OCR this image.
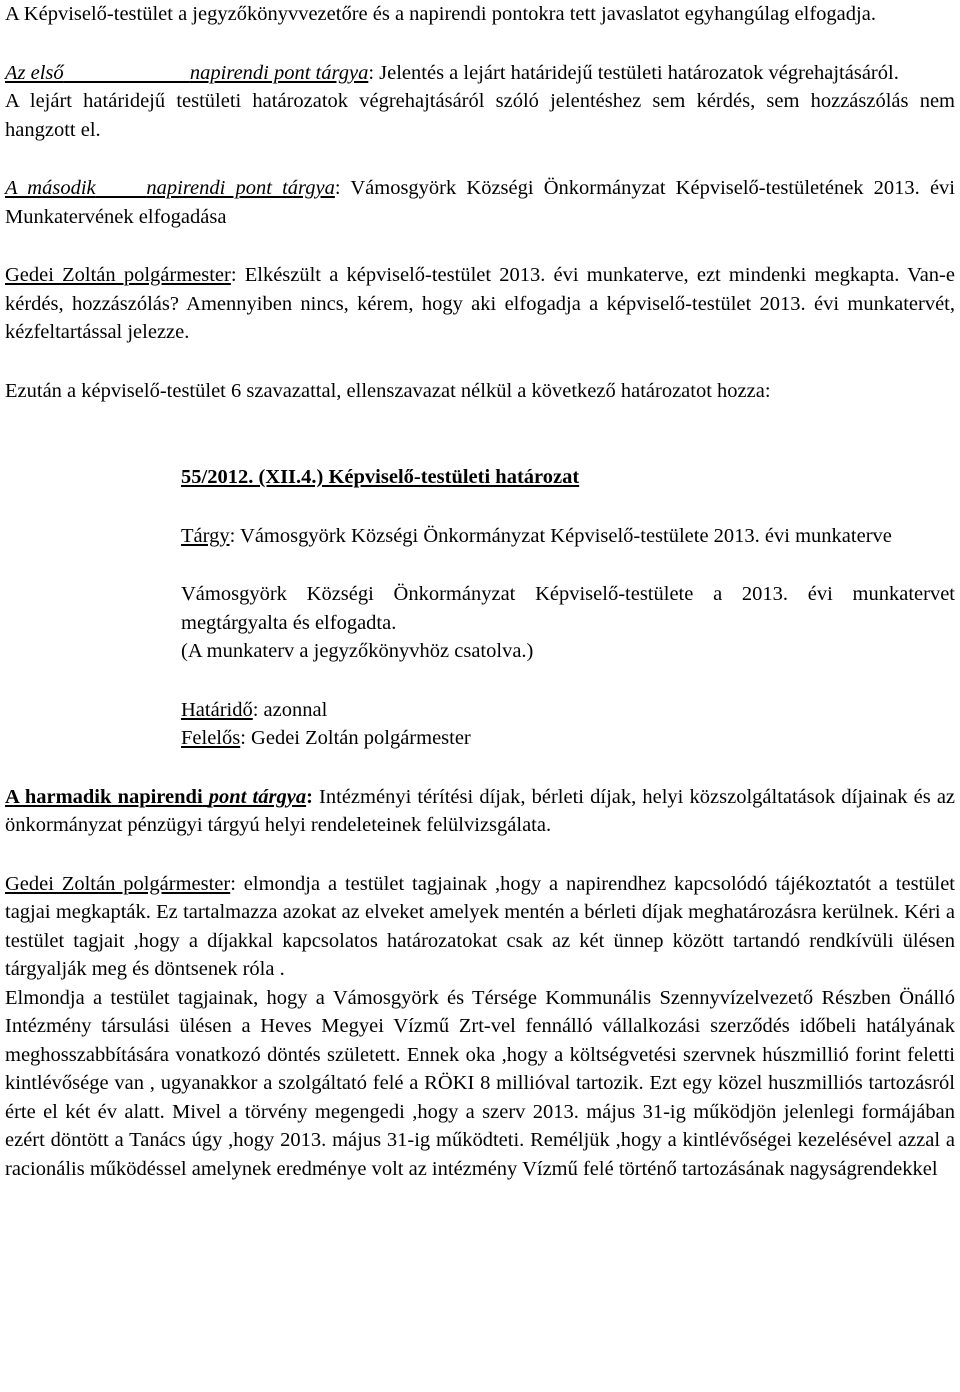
A Képviselő-testület a jegyzőkönyvvezetőre és a napirendi pontokra tett javaslatot egyhangúlag elfogadja.

Az első	napirendi pont tárgya: Jelentés a lejárt határidejű testületi határozatok végrehajtásáról.

A lejárt határidejű testületi határozatok végrehajtásáról szóló jelentéshez sem kérdés, sem hozzászólás nem hangzott el.

A második napirendi pont tárgya: Vámosgyörk Községi Önkormányzat Képviselő-testületének 2013. évi Munkatervének elfogadása

Gedei Zoltán polgármester: Elkészült a képviselő-testület 2013. évi munkaterve, ezt mindenki megkapta. Van-e kérdés, hozzászólás? Amennyiben nincs, kérem, hogy aki elfogadja a képviselő-testület 2013. évi munkatervét, kézfeltartással jelezze.

Ezután a képviselő-testület 6 szavazattal, ellenszavazat nélkül a következő határozatot hozza:

55/2012. (XII.4.) Képviselő-testületi határozat

Tárgy: Vámosgyörk Községi Önkormányzat Képviselő-testülete 2013. évi munkaterve

Vámosgyörk Községi Önkormányzat Képviselő-testülete a 2013. évi munkatervet megtárgyalta és elfogadta.

(A munkaterv a jegyzőkönyvhöz csatolva.)

Határidő: azonnal

Felelős: Gedei Zoltán polgármester

A harmadik napirendi pont tárgya: Intézményi térítési díjak, bérleti díjak, helyi közszolgáltatások díjainak és az önkormányzat pénzügyi tárgyú helyi rendeleteinek felülvizsgálata.

Gedei Zoltán polgármester: elmondja a testület tagjainak ,hogy a napirendhez kapcsolódó tájékoztatót a testület tagjai megkapták. Ez tartalmazza azokat az elveket amelyek mentén a bérleti díjak meghatározásra kerülnek. Kéri a testület tagjait ,hogy a díjakkal kapcsolatos határozatokat csak az két ünnep között tartandó rendkívüli ülésen tárgyalják meg és döntsenek róla .

Elmondja a testület tagjainak, hogy a Vámosgyörk és Térsége Kommunális Szennyvízelvezető Részben Önálló Intézmény társulási ülésen a Heves Megyei Vízmű Zrt-vel fennálló vállalkozási szerződés időbeli hatályának meghosszabbítására vonatkozó döntés született. Ennek oka ,hogy a költségvetési szervnek húszmillió forint feletti kintlévősége van , ugyanakkor a szolgáltató felé a RÖKI 8 millióval tartozik. Ezt egy közel huszmilliós tartozásról érte el két év alatt. Mivel a törvény megengedi ,hogy a szerv 2013. május 31-ig működjön jelenlegi formájában ezért döntött a Tanács úgy ,hogy 2013. május 31-ig működteti. Reméljük ,hogy a kintlévőségei kezelésével azzal a racionális működéssel amelynek eredménye volt az intézmény Vízmű felé történő tartozásának nagyságrendekkel
